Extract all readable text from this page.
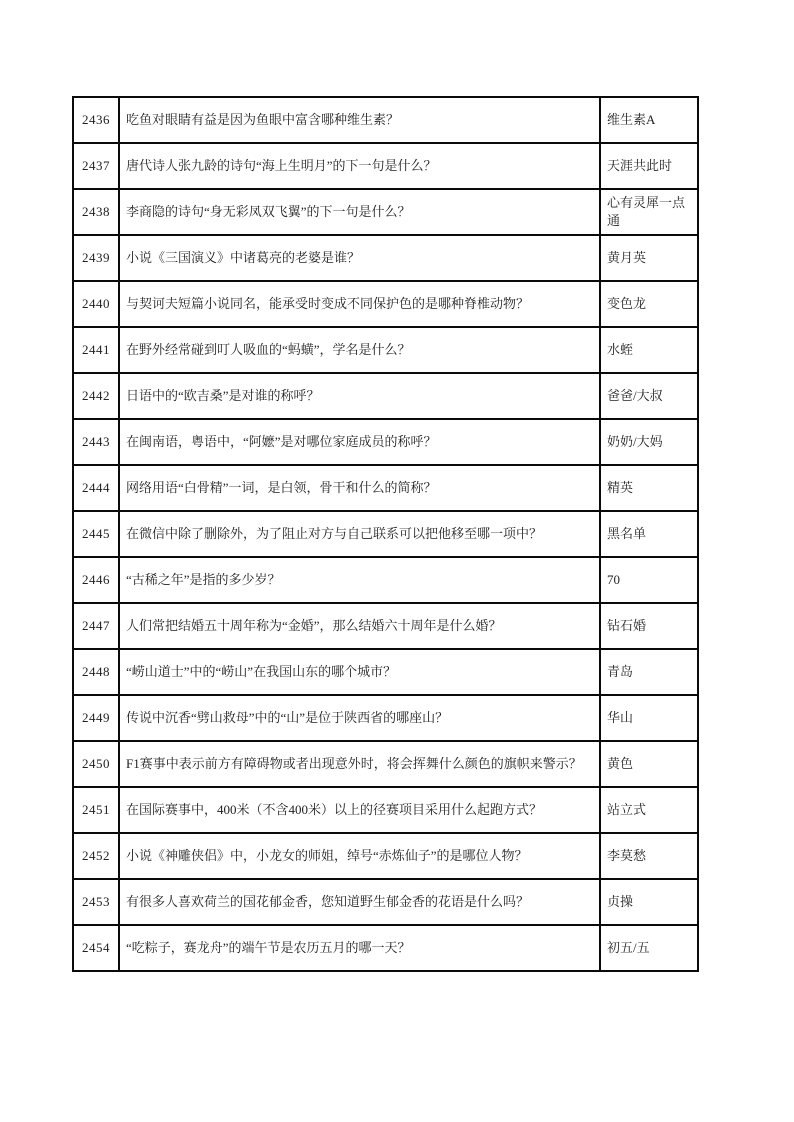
2436	吃鱼对眼睛有益是因为鱼眼中富含哪种维生素？	维生素A
2437	唐代诗人张九龄的诗句“海上生明月”的下一句是什么？	天涯共此时
2438	李商隐的诗句“身无彩凤双飞翼”的下一句是什么？	心有灵犀一点通
2439	小说《三国演义》中诸葛亮的老婆是谁？	黄月英
2440	与契诃夫短篇小说同名，能承受时变成不同保护色的是哪种脊椎动物？	变色龙
2441	在野外经常碰到叮人吸血的“蚂蟥”，学名是什么？	水蛭
2442	日语中的“欧吉桑”是对谁的称呼？	爸爸/大叔
2443	在闽南语，粤语中，“阿嬷”是对哪位家庭成员的称呼？	奶奶/大妈
2444	网络用语“白骨精”一词，是白领，骨干和什么的简称？	精英
2445	在微信中除了删除外，为了阻止对方与自己联系可以把他移至哪一项中？	黑名单
2446	“古稀之年”是指的多少岁？	70
2447	人们常把结婚五十周年称为“金婚”，那么结婚六十周年是什么婚？	钻石婚
2448	“崂山道士”中的“崂山”在我国山东的哪个城市？	青岛
2449	传说中沉香“劈山救母”中的“山”是位于陕西省的哪座山？	华山
2450	F1赛事中表示前方有障碍物或者出现意外时，将会挥舞什么颜色的旗帜来警示？	黄色
2451	在国际赛事中，400米（不含400米）以上的径赛项目采用什么起跑方式？	站立式
2452	小说《神雕侠侣》中，小龙女的师姐，绰号“赤炼仙子”的是哪位人物？	李莫愁
2453	有很多人喜欢荷兰的国花郁金香，您知道野生郁金香的花语是什么吗？	贞操
2454	“吃粽子，赛龙舟”的端午节是农历五月的哪一天？	初五/五
